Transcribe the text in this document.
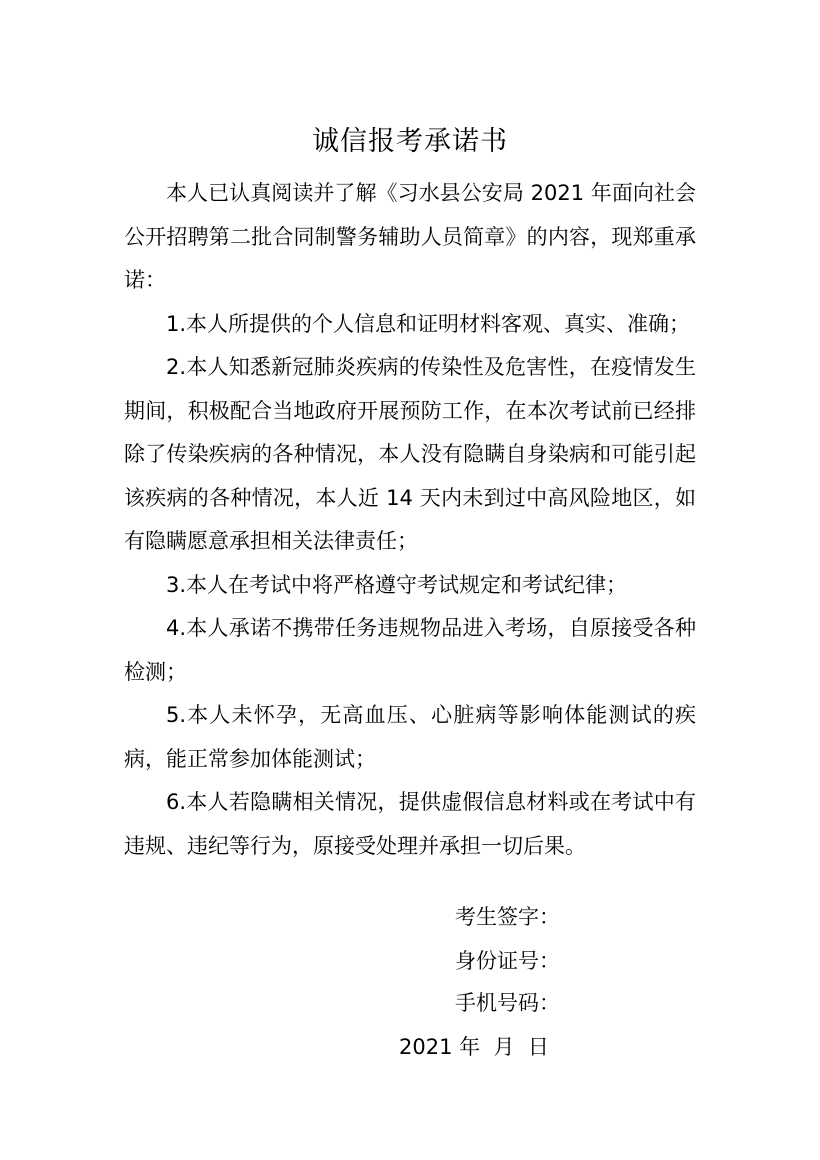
诚信报考承诺书

本人已认真阅读并了解《习水县公安局 2021 年面向社会公开招聘第二批合同制警务辅助人员简章》的内容，现郑重承诺：

1.本人所提供的个人信息和证明材料客观、真实、准确；

2.本人知悉新冠肺炎疾病的传染性及危害性，在疫情发生期间，积极配合当地政府开展预防工作，在本次考试前已经排除了传染疾病的各种情况，本人没有隐瞒自身染病和可能引起该疾病的各种情况，本人近 14 天内未到过中高风险地区，如有隐瞒愿意承担相关法律责任；

3.本人在考试中将严格遵守考试规定和考试纪律；

4.本人承诺不携带任务违规物品进入考场，自原接受各种检测；

5.本人未怀孕，无高血压、心脏病等影响体能测试的疾病，能正常参加体能测试；

6.本人若隐瞒相关情况，提供虚假信息材料或在考试中有违规、违纪等行为，原接受处理并承担一切后果。

考生签字：
身份证号：
手机号码：
2021 年  月  日
